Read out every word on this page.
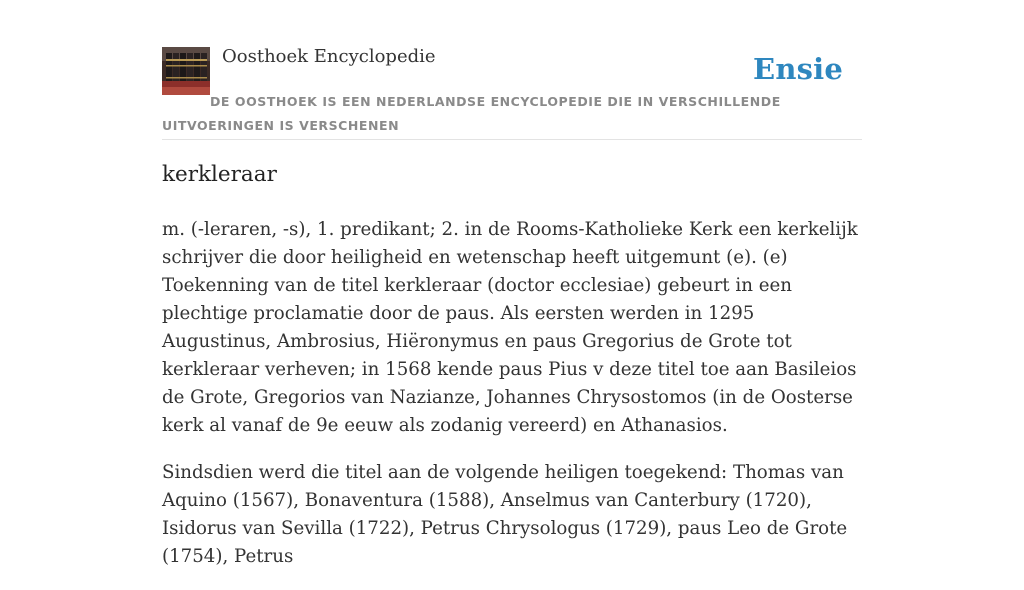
Oosthoek Encyclopedie	Ensie
DE OOSTHOEK IS EEN NEDERLANDSE ENCYCLOPEDIE DIE IN VERSCHILLENDE UITVOERINGEN IS VERSCHENEN
kerkleraar

m. (-leraren, -s), 1. predikant; 2. in de Rooms-Katholieke Kerk een kerkelijk schrijver die door heiligheid en wetenschap heeft uitgemunt (e). (e) Toekenning van de titel kerkleraar (doctor ecclesiae) gebeurt in een plechtige proclamatie door de paus. Als eersten werden in 1295 Augustinus, Ambrosius, Hiëronymus en paus Gregorius de Grote tot kerkleraar verheven; in 1568 kende paus Pius v deze titel toe aan Basileios de Grote, Gregorios van Nazianze, Johannes Chrysostomos (in de Oosterse kerk al vanaf de 9e eeuw als zodanig vereerd) en Athanasios.

Sindsdien werd die titel aan de volgende heiligen toegekend: Thomas van Aquino (1567), Bonaventura (1588), Anselmus van Canterbury (1720), Isidorus van Sevilla (1722), Petrus Chrysologus (1729), paus Leo de Grote (1754), Petrus
